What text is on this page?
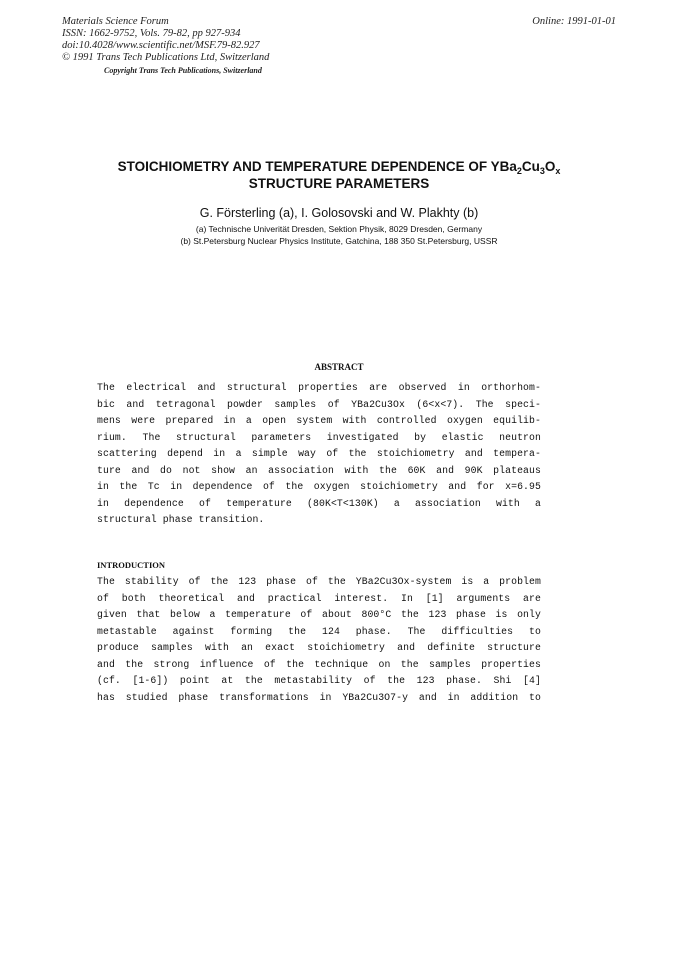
Materials Science Forum
ISSN: 1662-9752, Vols. 79-82, pp 927-934
doi:10.4028/www.scientific.net/MSF.79-82.927
© 1991 Trans Tech Publications Ltd, Switzerland
Online: 1991-01-01
Copyright Trans Tech Publications, Switzerland
STOICHIOMETRY AND TEMPERATURE DEPENDENCE OF $YBa_2Cu_3O_x$
STRUCTURE PARAMETERS
G. Försterling (a), I. Golosovski and W. Plakhty (b)
(a) Technische Univerität Dresden, Sektion Physik, 8029 Dresden, Germany
(b) St.Petersburg Nuclear Physics Institute, Gatchina, 188 350 St.Petersburg, USSR
ABSTRACT
The electrical and structural properties are observed in orthorhom-
bic and tetragonal powder samples of YBa2Cu3Ox (6<x<7). The speci-
mens were prepared in a open system with controlled oxygen equilib-
rium. The structural parameters investigated by elastic neutron
scattering depend in a simple way of the stoichiometry and tempera-
ture and do not show an association with the 60K and 90K plateaus
in the Tc in dependence of the oxygen stoichiometry and for x=6.95
in dependence of temperature (80K<T<130K) a association with a
structural phase transition.
INTRODUCTION
The stability of the 123 phase of the YBa2Cu3Ox-system is a problem
of both theoretical and practical interest. In [1] arguments are
given that below a temperature of about 800°C the 123 phase is only
metastable against forming the 124 phase. The difficulties to
produce samples with an exact stoichiometry and definite structure
and the strong influence of the technique on the samples properties
(cf. [1-6]) point at the metastability of the 123 phase. Shi [4]
has studied phase transformations in YBa2Cu3O7-y and in addition to
